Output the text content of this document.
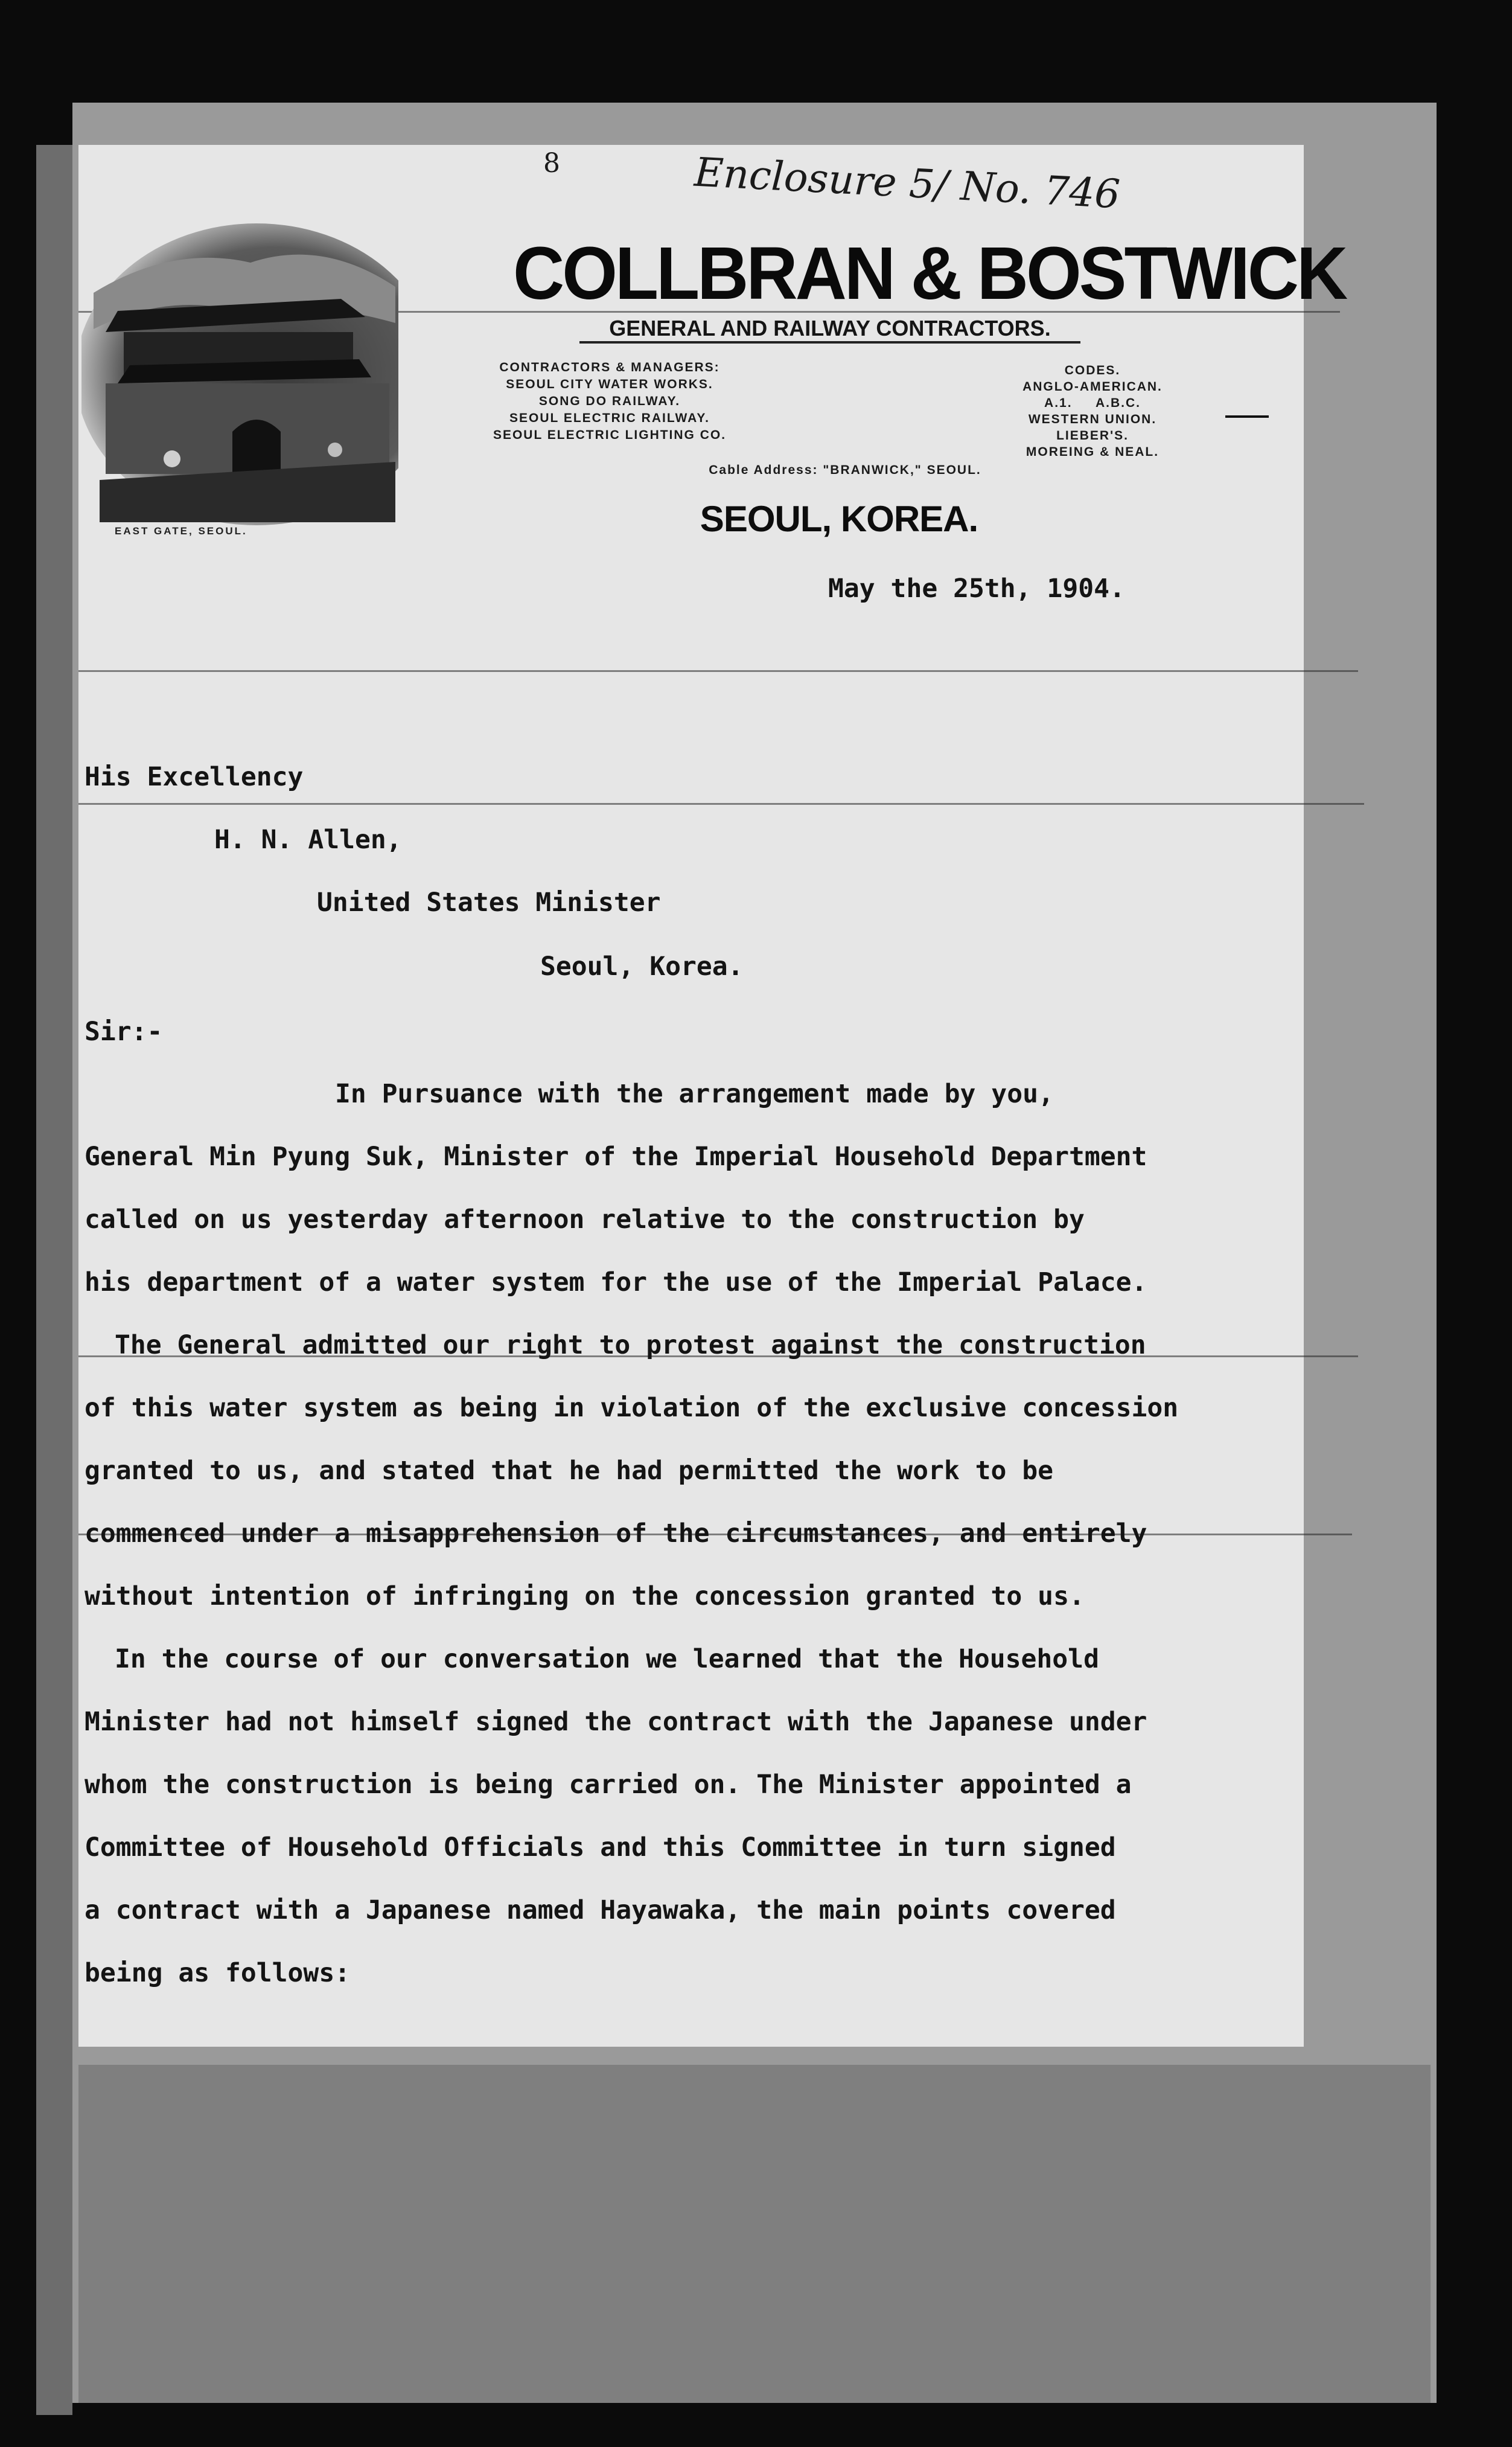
8	Enclosure 5/ No. 746
EAST GATE, SEOUL.
COLLBRAN & BOSTWICK
GENERAL AND RAILWAY CONTRACTORS.
CONTRACTORS & MANAGERS:
SEOUL CITY WATER WORKS.
SONG DO RAILWAY.
SEOUL ELECTRIC RAILWAY.
SEOUL ELECTRIC LIGHTING CO.
CODES.
ANGLO-AMERICAN.
A.1.     A.B.C.
WESTERN UNION.
LIEBER'S.
MOREING & NEAL.
Cable Address: "BRANWICK," SEOUL.
SEOUL, KOREA.
May the 25th, 1904.
His Excellency
H. N. Allen,
United States Minister
Seoul, Korea.
Sir:-
In Pursuance with the arrangement made by you,
General Min Pyung Suk, Minister of the Imperial Household Department
called on us yesterday afternoon relative to the construction by
his department of a water system for the use of the Imperial Palace.
The General admitted our right to protest against the construction
of this water system as being in violation of the exclusive concession
granted to us, and stated that he had permitted the work to be
commenced under a misapprehension of the circumstances, and entirely
without intention of infringing on the concession granted to us.
In the course of our conversation we learned that the Household
Minister had not himself signed the contract with the Japanese under
whom the construction is being carried on. The Minister appointed a
Committee of Household Officials and this Committee in turn signed
a contract with a Japanese named Hayawaka, the main points covered
being as follows:
